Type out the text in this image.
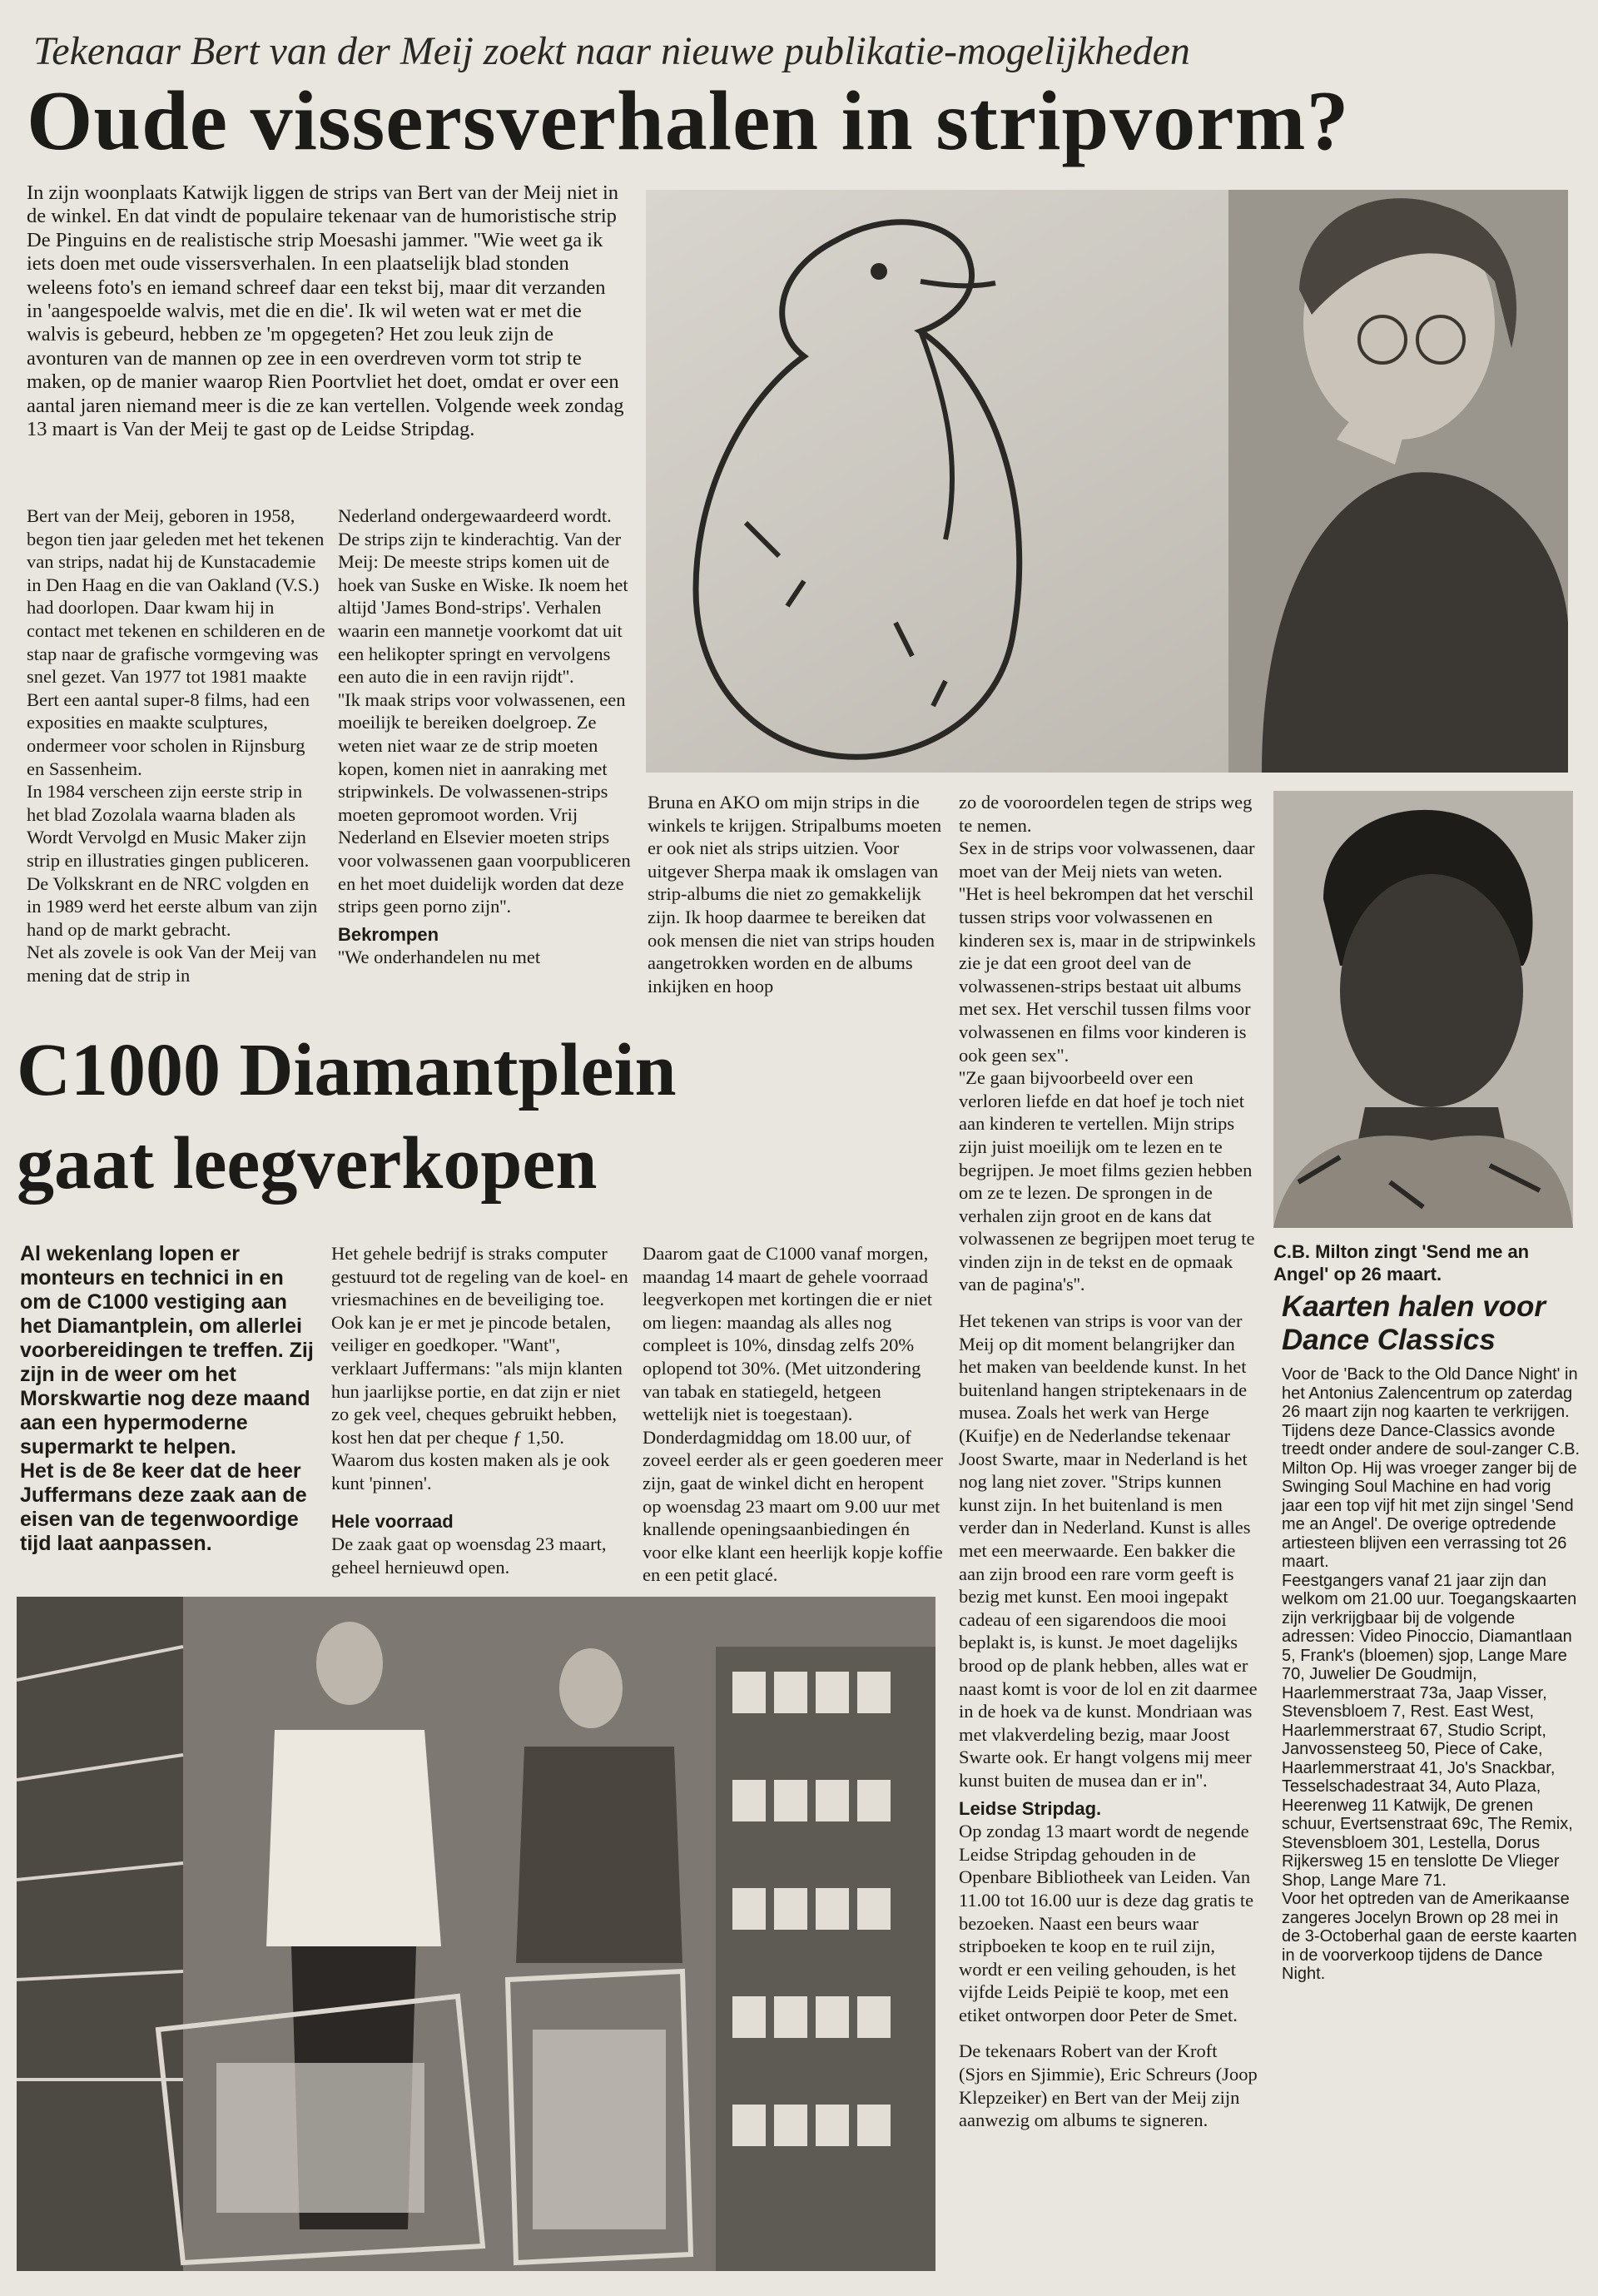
Tekenaar Bert van der Meij zoekt naar nieuwe publikatie-mogelijkheden
Oude vissersverhalen in stripvorm?
In zijn woonplaats Katwijk liggen de strips van Bert van der Meij niet in de winkel. En dat vindt de populaire tekenaar van de humoristische strip De Pinguins en de realistische strip Moesashi jammer. ''Wie weet ga ik iets doen met oude vissersverhalen. In een plaatselijk blad stonden weleens foto's en iemand schreef daar een tekst bij, maar dit verzanden in 'aangespoelde walvis, met die en die'. Ik wil weten wat er met die walvis is gebeurd, hebben ze 'm opgegeten? Het zou leuk zijn de avonturen van de mannen op zee in een overdreven vorm tot strip te maken, op de manier waarop Rien Poortvliet het doet, omdat er over een aantal jaren niemand meer is die ze kan vertellen. Volgende week zondag 13 maart is Van der Meij te gast op de Leidse Stripdag.

Bert van der Meij, geboren in 1958, begon tien jaar geleden met het tekenen van strips, nadat hij de Kunstacademie in Den Haag en die van Oakland (V.S.) had doorlopen. Daar kwam hij in contact met tekenen en schilderen en de stap naar de grafische vormgeving was snel gezet. Van 1977 tot 1981 maakte Bert een aantal super-8 films, had een exposities en maakte sculptures, ondermeer voor scholen in Rijnsburg en Sassenheim.

In 1984 verscheen zijn eerste strip in het blad Zozolala waarna bladen als Wordt Vervolgd en Music Maker zijn strip en illustraties gingen publiceren. De Volkskrant en de NRC volgden en in 1989 werd het eerste album van zijn hand op de markt gebracht.

Net als zovele is ook Van der Meij van mening dat de strip in

Nederland ondergewaardeerd wordt. De strips zijn te kinderachtig. Van der Meij: De meeste strips komen uit de hoek van Suske en Wiske. Ik noem het altijd 'James Bond-strips'. Verhalen waarin een mannetje voorkomt dat uit een helikopter springt en vervolgens een auto die in een ravijn rijdt''.

''Ik maak strips voor volwassenen, een moeilijk te bereiken doelgroep. Ze weten niet waar ze de strip moeten kopen, komen niet in aanraking met stripwinkels. De volwassenen-strips moeten gepromoot worden. Vrij Nederland en Elsevier moeten strips voor volwassenen gaan voorpubliceren en het moet duidelijk worden dat deze strips geen porno zijn''.

Bekrompen

''We onderhandelen nu met

Bruna en AKO om mijn strips in die winkels te krijgen. Stripalbums moeten er ook niet als strips uitzien. Voor uitgever Sherpa maak ik omslagen van strip-albums die niet zo gemakkelijk zijn. Ik hoop daarmee te bereiken dat ook mensen die niet van strips houden aangetrokken worden en de albums inkijken en hoop

zo de vooroordelen tegen de strips weg te nemen.

Sex in de strips voor volwassenen, daar moet van der Meij niets van weten. ''Het is heel bekrompen dat het verschil tussen strips voor volwassenen en kinderen sex is, maar in de stripwinkels zie je dat een groot deel van de volwassenen-strips bestaat uit albums met sex. Het verschil tussen films voor volwassenen en films voor kinderen is ook geen sex".

''Ze gaan bijvoorbeeld over een verloren liefde en dat hoef je toch niet aan kinderen te vertellen. Mijn strips zijn juist moeilijk om te lezen en te begrijpen. Je moet films gezien hebben om ze te lezen. De sprongen in de verhalen zijn groot en de kans dat volwassenen ze begrijpen moet terug te vinden zijn in de tekst en de opmaak van de pagina's''.

Het tekenen van strips is voor van der Meij op dit moment belangrijker dan het maken van beeldende kunst. In het buitenland hangen striptekenaars in de musea. Zoals het werk van Herge (Kuifje) en de Nederlandse tekenaar Joost Swarte, maar in Nederland is het nog lang niet zover. ''Strips kunnen kunst zijn. In het buitenland is men verder dan in Nederland. Kunst is alles met een meerwaarde. Een bakker die aan zijn brood een rare vorm geeft is bezig met kunst. Een mooi ingepakt cadeau of een sigarendoos die mooi beplakt is, is kunst. Je moet dagelijks brood op de plank hebben, alles wat er naast komt is voor de lol en zit daarmee in de hoek va de kunst. Mondriaan was met vlakverdeling bezig, maar Joost Swarte ook. Er hangt volgens mij meer kunst buiten de musea dan er in''.

Leidse Stripdag.

Op zondag 13 maart wordt de negende Leidse Stripdag gehouden in de Openbare Bibliotheek van Leiden. Van 11.00 tot 16.00 uur is deze dag gratis te bezoeken. Naast een beurs waar stripboeken te koop en te ruil zijn, wordt er een veiling gehouden, is het vijfde Leids Peipië te koop, met een etiket ontworpen door Peter de Smet.

De tekenaars Robert van der Kroft (Sjors en Sjimmie), Eric Schreurs (Joop Klepzeiker) en Bert van der Meij zijn aanwezig om albums te signeren.

C1000 Diamantplein
gaat leegverkopen

Al wekenlang lopen er monteurs en technici in en om de C1000 vestiging aan het Diamantplein, om allerlei voorbereidingen te treffen. Zij zijn in de weer om het Morskwartie nog deze maand aan een hypermoderne supermarkt te helpen.

Het is de 8e keer dat de heer Juffermans deze zaak aan de eisen van de tegenwoordige tijd laat aanpassen.

Het gehele bedrijf is straks computer gestuurd tot de regeling van de koel- en vriesmachines en de beveiliging toe. Ook kan je er met je pincode betalen, veiliger en goedkoper. ''Want'', verklaart Juffermans: "als mijn klanten hun jaarlijkse portie, en dat zijn er niet zo gek veel, cheques gebruikt hebben, kost hen dat per cheque ƒ 1,50. Waarom dus kosten maken als je ook kunt 'pinnen'.

Hele voorraad

De zaak gaat op woensdag 23 maart, geheel hernieuwd open.

Daarom gaat de C1000 vanaf morgen, maandag 14 maart de gehele voorraad leegverkopen met kortingen die er niet om liegen: maandag als alles nog compleet is 10%, dinsdag zelfs 20% oplopend tot 30%. (Met uitzondering van tabak en statiegeld, hetgeen wettelijk niet is toegestaan). Donderdagmiddag om 18.00 uur, of zoveel eerder als er geen goederen meer zijn, gaat de winkel dicht en heropent op woensdag 23 maart om 9.00 uur met knallende openingsaanbiedingen én voor elke klant een heerlijk kopje koffie en een petit glacé.

C.B. Milton zingt 'Send me an Angel' op 26 maart.

Kaarten halen voor Dance Classics

Voor de 'Back to the Old Dance Night' in het Antonius Zalencentrum op zaterdag 26 maart zijn nog kaarten te verkrijgen. Tijdens deze Dance-Classics avonde treedt onder andere de soul-zanger C.B. Milton Op. Hij was vroeger zanger bij de Swinging Soul Machine en had vorig jaar een top vijf hit met zijn singel 'Send me an Angel'. De overige optredende artiesteen blijven een verrassing tot 26 maart.

Feestgangers vanaf 21 jaar zijn dan welkom om 21.00 uur. Toegangskaarten zijn verkrijgbaar bij de volgende adressen: Video Pinoccio, Diamantlaan 5, Frank's (bloemen) sjop, Lange Mare 70, Juwelier De Goudmijn, Haarlemmerstraat 73a, Jaap Visser, Stevensbloem 7, Rest. East West, Haarlemmerstraat 67, Studio Script, Janvossensteeg 50, Piece of Cake, Haarlemmerstraat 41, Jo's Snackbar, Tesselschadestraat 34, Auto Plaza, Heerenweg 11 Katwijk, De grenen schuur, Evertsenstraat 69c, The Remix, Stevensbloem 301, Lestella, Dorus Rijkersweg 15 en tenslotte De Vlieger Shop, Lange Mare 71.

Voor het optreden van de Amerikaanse zangeres Jocelyn Brown op 28 mei in de 3-Octoberhal gaan de eerste kaarten in de voorverkoop tijdens de Dance Night.
